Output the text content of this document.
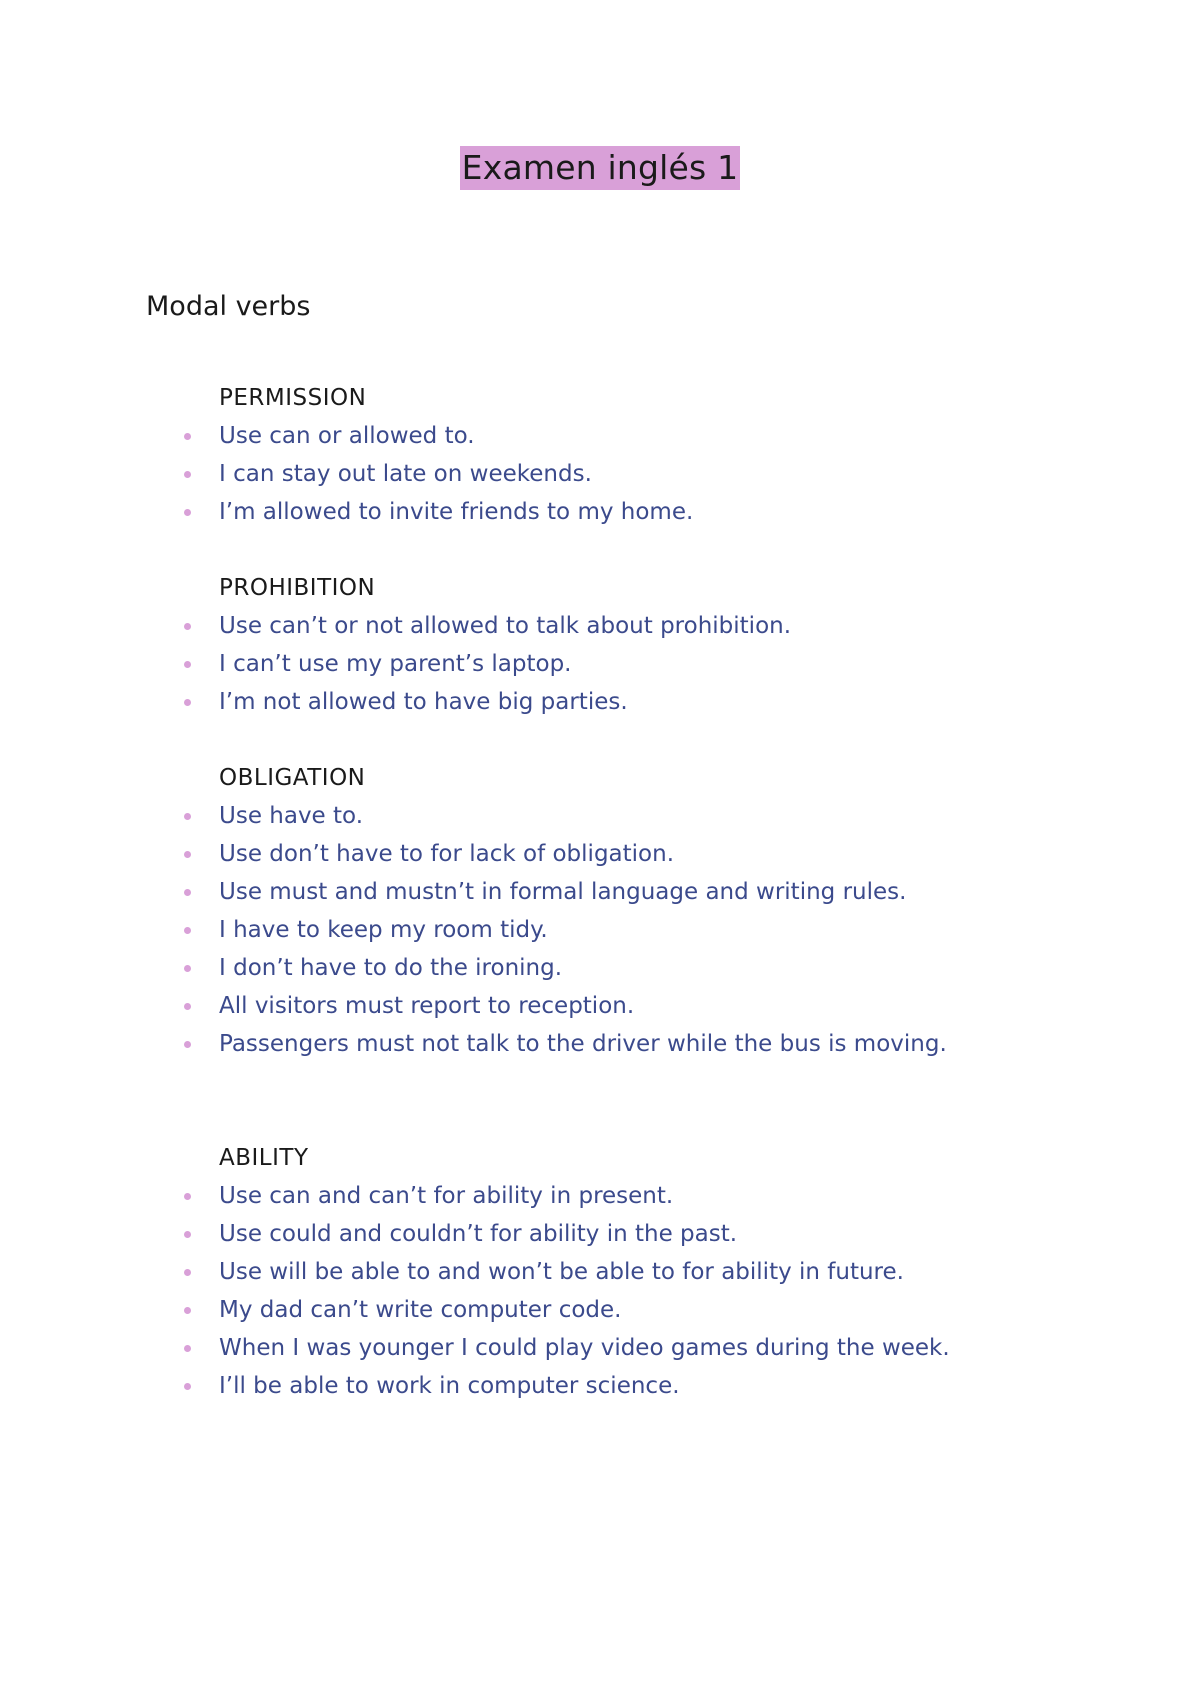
Examen inglés 1
Modal verbs
PERMISSION
Use can or allowed to.
I can stay out late on weekends.
I’m allowed to invite friends to my home.
PROHIBITION
Use can’t or not allowed to talk about prohibition.
I can’t use my parent’s laptop.
I’m not allowed to have big parties.
OBLIGATION
Use have to.
Use don’t have to for lack of obligation.
Use must and mustn’t in formal language and writing rules.
I have to keep my room tidy.
I don’t have to do the ironing.
All visitors must report to reception.
Passengers must not talk to the driver while the bus is moving.
ABILITY
Use can and can’t for ability in present.
Use could and couldn’t for ability in the past.
Use will be able to and won’t be able to for ability in future.
My dad can’t write computer code.
When I was younger I could play video games during the week.
I’ll be able to work in computer science.
